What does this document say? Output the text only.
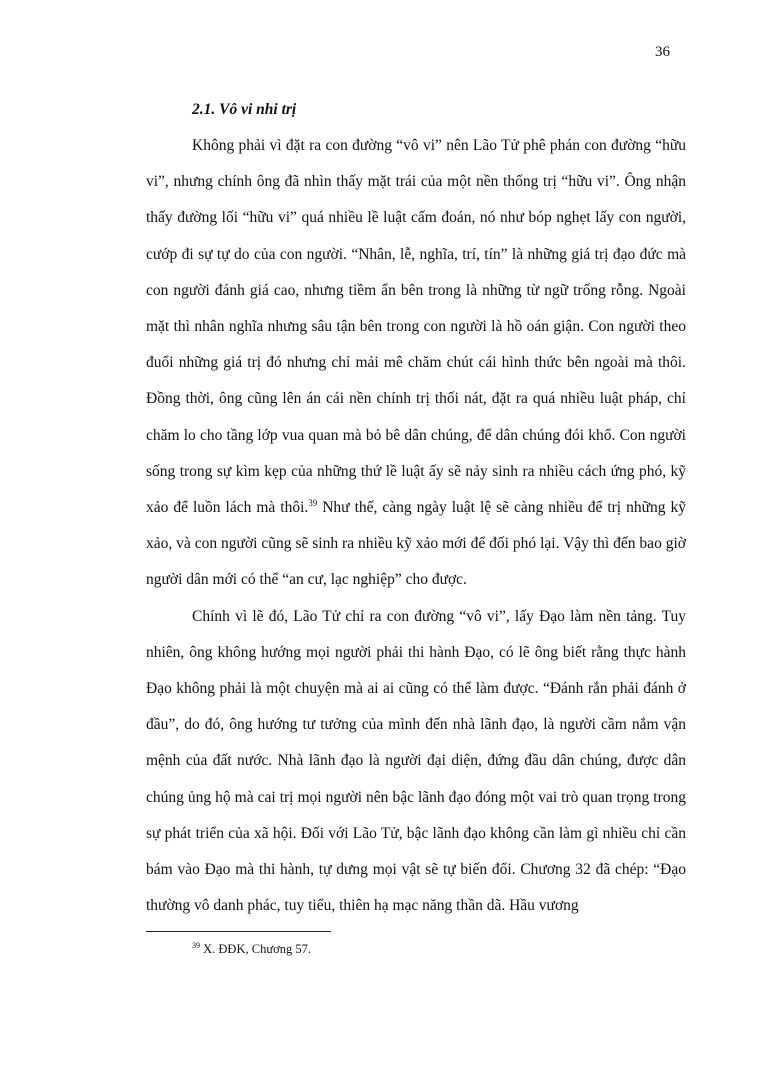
36

2.1. Vô vi nhi trị

Không phải vì đặt ra con đường “vô vi” nên Lão Tử phê phán con đường “hữu vi”, nhưng chính ông đã nhìn thấy mặt trái của một nền thống trị “hữu vi”. Ông nhận thấy đường lối “hữu vi” quá nhiều lề luật cấm đoán, nó như bóp nghẹt lấy con người, cướp đi sự tự do của con người. “Nhân, lễ, nghĩa, trí, tín” là những giá trị đạo đức mà con người đánh giá cao, nhưng tiềm ẩn bên trong là những từ ngữ trống rỗng. Ngoài mặt thì nhân nghĩa nhưng sâu tận bên trong con người là hồ oán giận. Con người theo đuổi những giá trị đó nhưng chỉ mải mê chăm chút cái hình thức bên ngoài mà thôi. Đồng thời, ông cũng lên án cái nền chính trị thối nát, đặt ra quá nhiều luật pháp, chỉ chăm lo cho tầng lớp vua quan mà bỏ bê dân chúng, để dân chúng đói khổ. Con người sống trong sự kìm kẹp của những thứ lề luật ấy sẽ nảy sinh ra nhiều cách ứng phó, kỹ xảo để luồn lách mà thôi.$^{39}$ Như thế, càng ngày luật lệ sẽ càng nhiều để trị những kỹ xảo, và con người cũng sẽ sinh ra nhiều kỹ xảo mới để đối phó lại. Vậy thì đến bao giờ người dân mới có thể “an cư, lạc nghiệp” cho được.

Chính vì lẽ đó, Lão Tử chỉ ra con đường “vô vi”, lấy Đạo làm nền tảng. Tuy nhiên, ông không hướng mọi người phải thi hành Đạo, có lẽ ông biết rằng thực hành Đạo không phải là một chuyện mà ai ai cũng có thể làm được. “Đánh rắn phải đánh ở đầu”, do đó, ông hướng tư tưởng của mình đến nhà lãnh đạo, là người cầm nắm vận mệnh của đất nước. Nhà lãnh đạo là người đại diện, đứng đầu dân chúng, được dân chúng ủng hộ mà cai trị mọi người nên bậc lãnh đạo đóng một vai trò quan trọng trong sự phát triển của xã hội. Đối với Lão Tử, bậc lãnh đạo không cần làm gì nhiều chỉ cần bám vào Đạo mà thi hành, tự dưng mọi vật sẽ tự biến đổi. Chương 32 đã chép: “Đạo thường vô danh phác, tuy tiểu, thiên hạ mạc năng thần dã. Hầu vương

$^{39}$ X. ĐĐK, Chương 57.
